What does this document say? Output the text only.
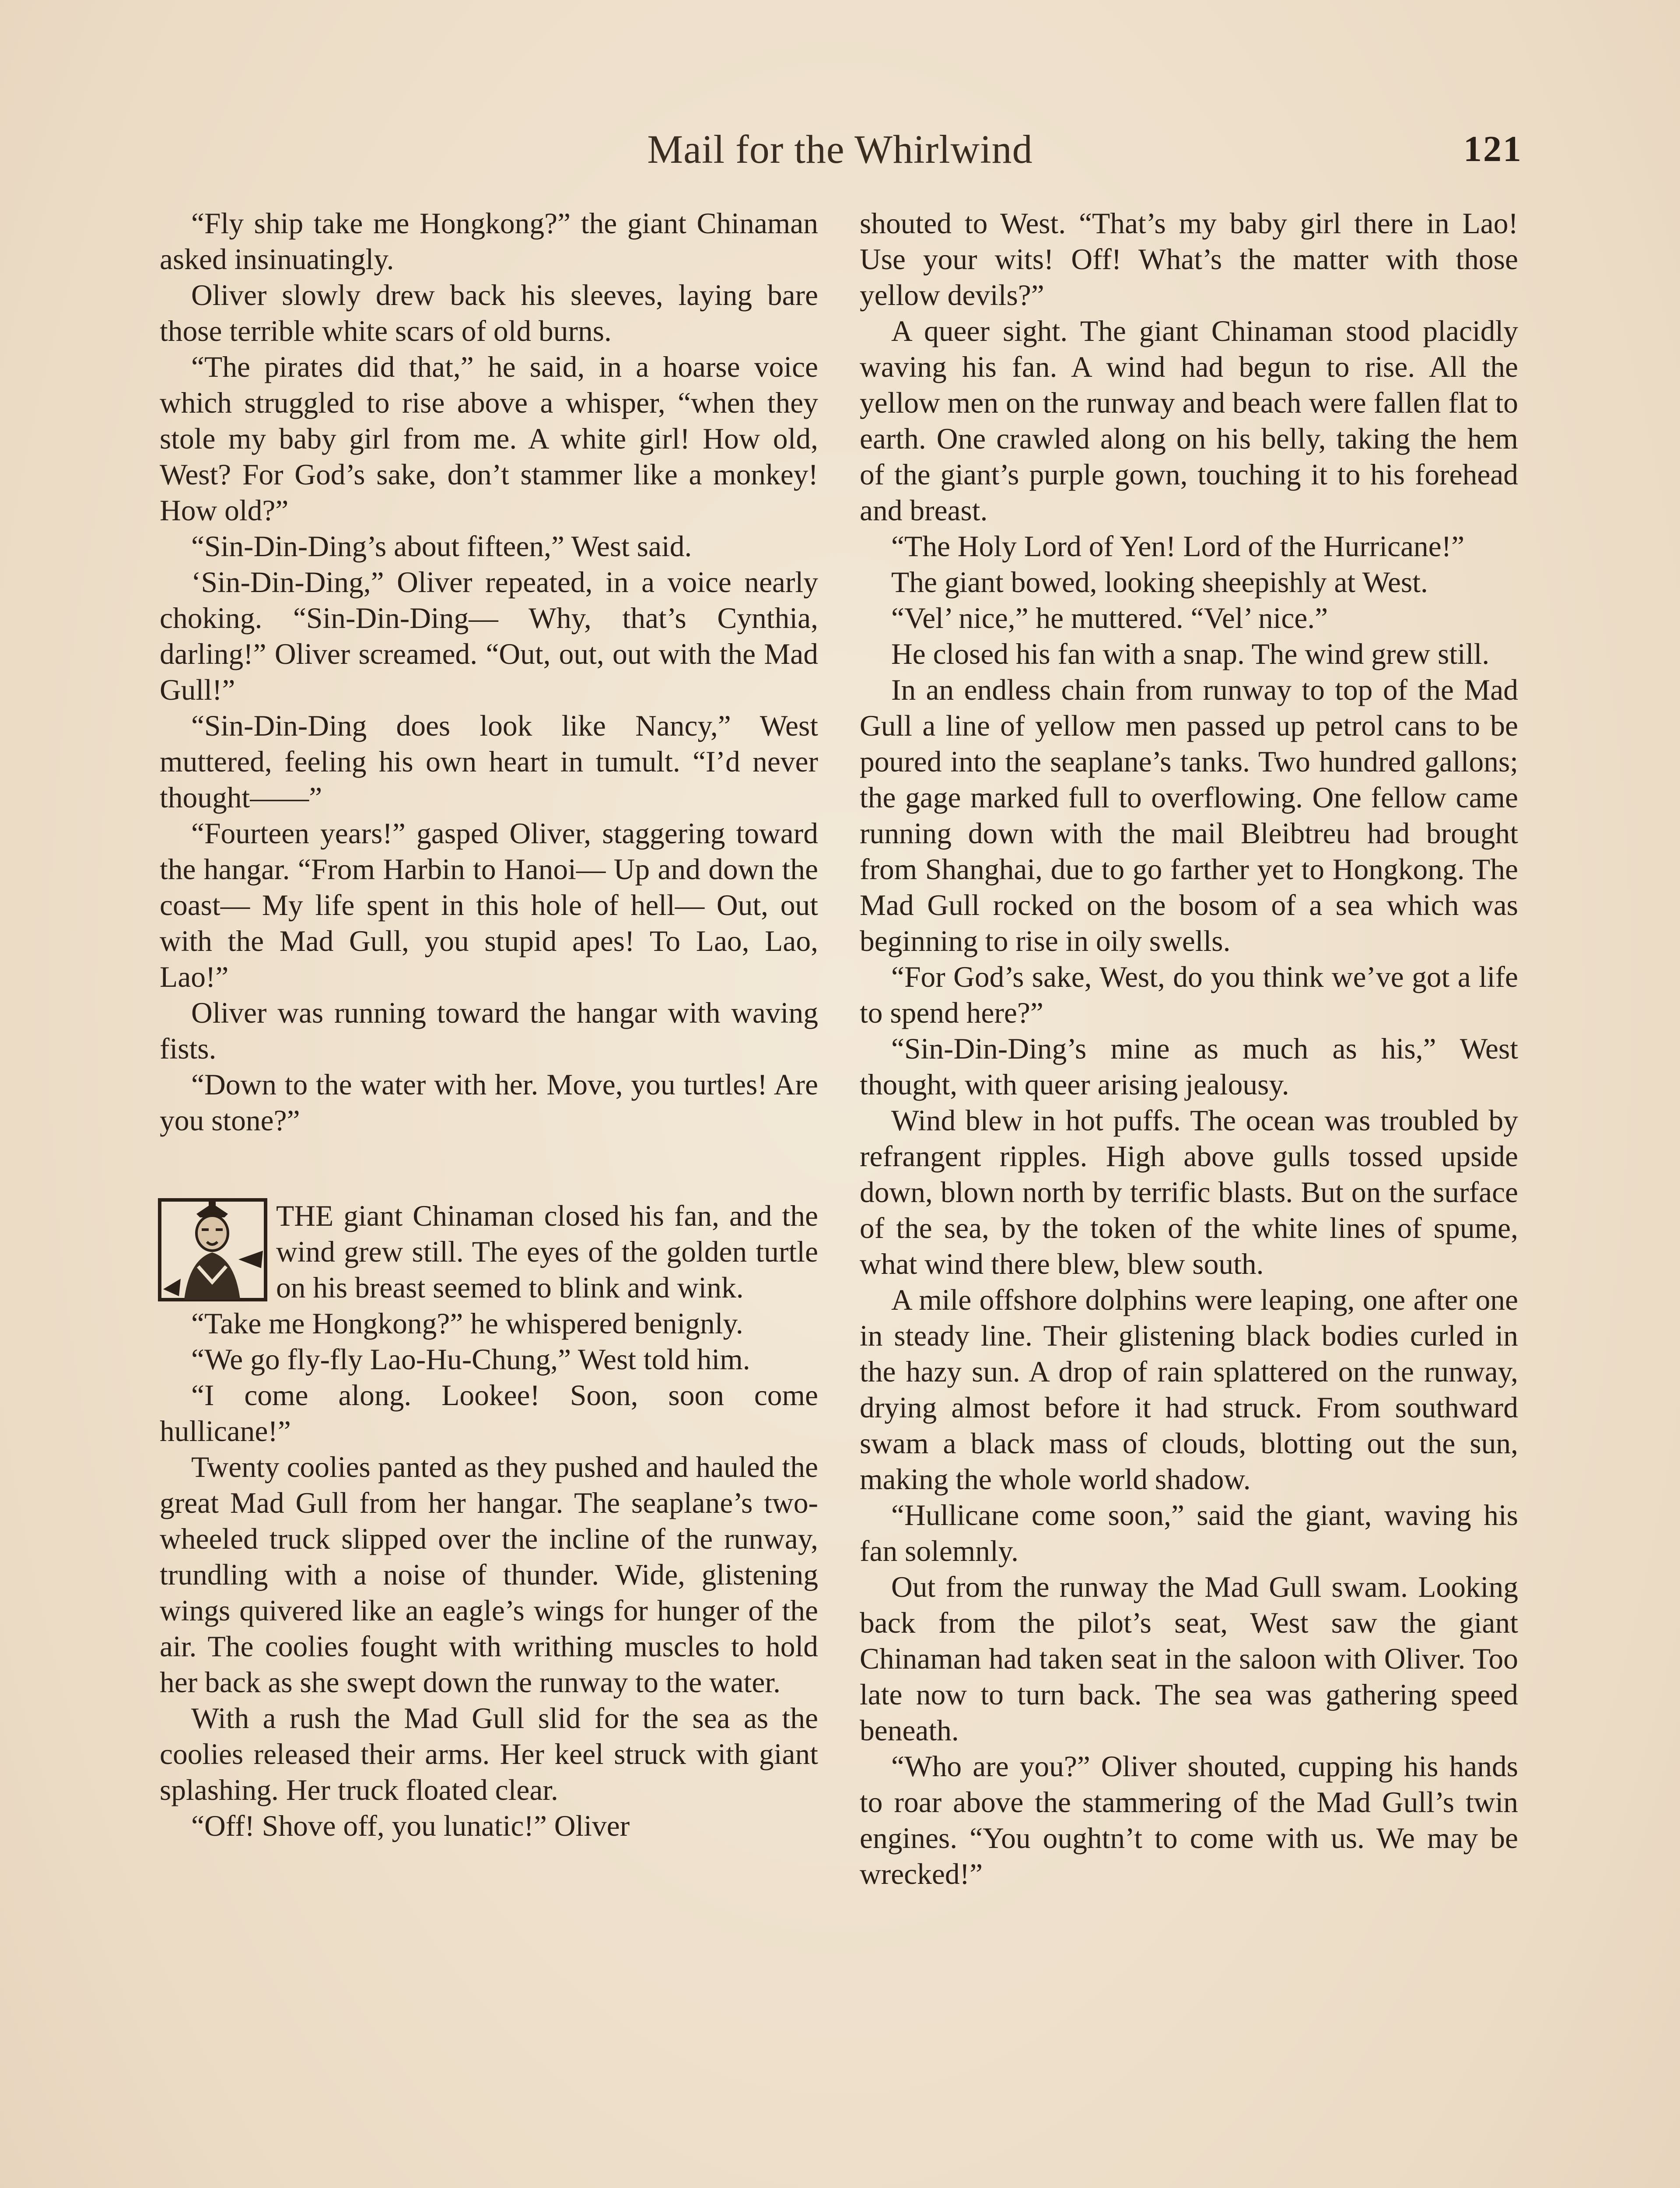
Mail for the Whirlwind	121

“Fly ship take me Hongkong?” the giant Chinaman asked insinuatingly.

Oliver slowly drew back his sleeves, laying bare those terrible white scars of old burns.

“The pirates did that,” he said, in a hoarse voice which struggled to rise above a whisper, “when they stole my baby girl from me. A white girl! How old, West? For God’s sake, don’t stammer like a monkey! How old?”

“Sin-Din-Ding’s about fifteen,” West said.

‘Sin-Din-Ding,” Oliver repeated, in a voice nearly choking. “Sin-Din-Ding— Why, that’s Cynthia, darling!” Oliver screamed. “Out, out, out with the Mad Gull!”

“Sin-Din-Ding does look like Nancy,” West muttered, feeling his own heart in tumult. “I’d never thought——”

“Fourteen years!” gasped Oliver, staggering toward the hangar. “From Harbin to Hanoi— Up and down the coast— My life spent in this hole of hell— Out, out with the Mad Gull, you stupid apes! To Lao, Lao, Lao!”

Oliver was running toward the hangar with waving fists.

“Down to the water with her. Move, you turtles! Are you stone?”

THE giant Chinaman closed his fan, and the wind grew still. The eyes of the golden turtle on his breast seemed to blink and wink.

“Take me Hongkong?” he whispered benignly.

“We go fly-fly Lao-Hu-Chung,” West told him.

“I come along. Lookee! Soon, soon come hullicane!”

Twenty coolies panted as they pushed and hauled the great Mad Gull from her hangar. The seaplane’s two-wheeled truck slipped over the incline of the runway, trundling with a noise of thunder. Wide, glistening wings quivered like an eagle’s wings for hunger of the air. The coolies fought with writhing muscles to hold her back as she swept down the runway to the water.

With a rush the Mad Gull slid for the sea as the coolies released their arms. Her keel struck with giant splashing. Her truck floated clear.

“Off! Shove off, you lunatic!” Oliver

shouted to West. “That’s my baby girl there in Lao! Use your wits! Off! What’s the matter with those yellow devils?”

A queer sight. The giant Chinaman stood placidly waving his fan. A wind had begun to rise. All the yellow men on the runway and beach were fallen flat to earth. One crawled along on his belly, taking the hem of the giant’s purple gown, touching it to his forehead and breast.

“The Holy Lord of Yen! Lord of the Hurricane!”

The giant bowed, looking sheepishly at West.

“Vel’ nice,” he muttered. “Vel’ nice.”

He closed his fan with a snap. The wind grew still.

In an endless chain from runway to top of the Mad Gull a line of yellow men passed up petrol cans to be poured into the seaplane’s tanks. Two hundred gallons; the gage marked full to overflowing. One fellow came running down with the mail Bleibtreu had brought from Shanghai, due to go farther yet to Hongkong. The Mad Gull rocked on the bosom of a sea which was beginning to rise in oily swells.

“For God’s sake, West, do you think we’ve got a life to spend here?”

“Sin-Din-Ding’s mine as much as his,” West thought, with queer arising jealousy.

Wind blew in hot puffs. The ocean was troubled by refrangent ripples. High above gulls tossed upside down, blown north by terrific blasts. But on the surface of the sea, by the token of the white lines of spume, what wind there blew, blew south.

A mile offshore dolphins were leaping, one after one in steady line. Their glistening black bodies curled in the hazy sun. A drop of rain splattered on the runway, drying almost before it had struck. From southward swam a black mass of clouds, blotting out the sun, making the whole world shadow.

“Hullicane come soon,” said the giant, waving his fan solemnly.

Out from the runway the Mad Gull swam. Looking back from the pilot’s seat, West saw the giant Chinaman had taken seat in the saloon with Oliver. Too late now to turn back. The sea was gathering speed beneath.

“Who are you?” Oliver shouted, cupping his hands to roar above the stammering of the Mad Gull’s twin engines. “You oughtn’t to come with us. We may be wrecked!”
